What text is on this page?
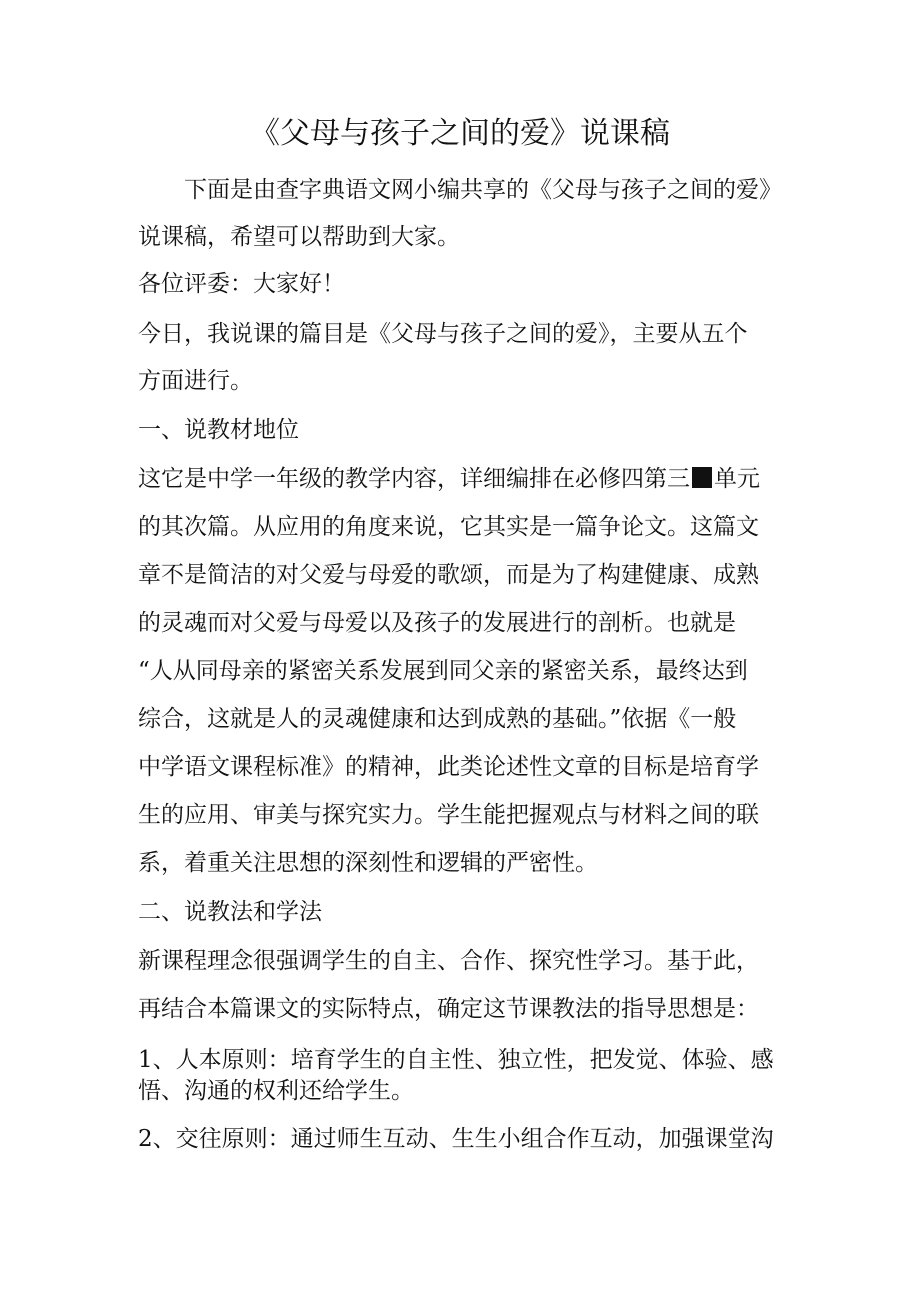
《父母与孩子之间的爱》说课稿
下面是由查字典语文网小编共享的《父母与孩子之间的爱》
说课稿，希望可以帮助到大家。
各位评委：大家好！
今日，我说课的篇目是《父母与孩子之间的爱》，主要从五个
方面进行。
一、说教材地位
这它是中学一年级的教学内容，详细编排在必修四第三 单元
的其次篇。从应用的角度来说，它其实是一篇争论文。这篇文
章不是简洁的对父爱与母爱的歌颂，而是为了构建健康、成熟
的灵魂而对父爱与母爱以及孩子的发展进行的剖析。也就是
“人从同母亲的紧密关系发展到同父亲的紧密关系，最终达到
综合，这就是人的灵魂健康和达到成熟的基础。”依据《一般
中学语文课程标准》的精神，此类论述性文章的目标是培育学
生的应用、审美与探究实力。学生能把握观点与材料之间的联
系，着重关注思想的深刻性和逻辑的严密性。
二、说教法和学法
新课程理念很强调学生的自主、合作、探究性学习。基于此，
再结合本篇课文的实际特点，确定这节课教法的指导思想是：
1、人本原则：培育学生的自主性、独立性，把发觉、体验、感
悟、沟通的权利还给学生。
2、交往原则：通过师生互动、生生小组合作互动，加强课堂沟
